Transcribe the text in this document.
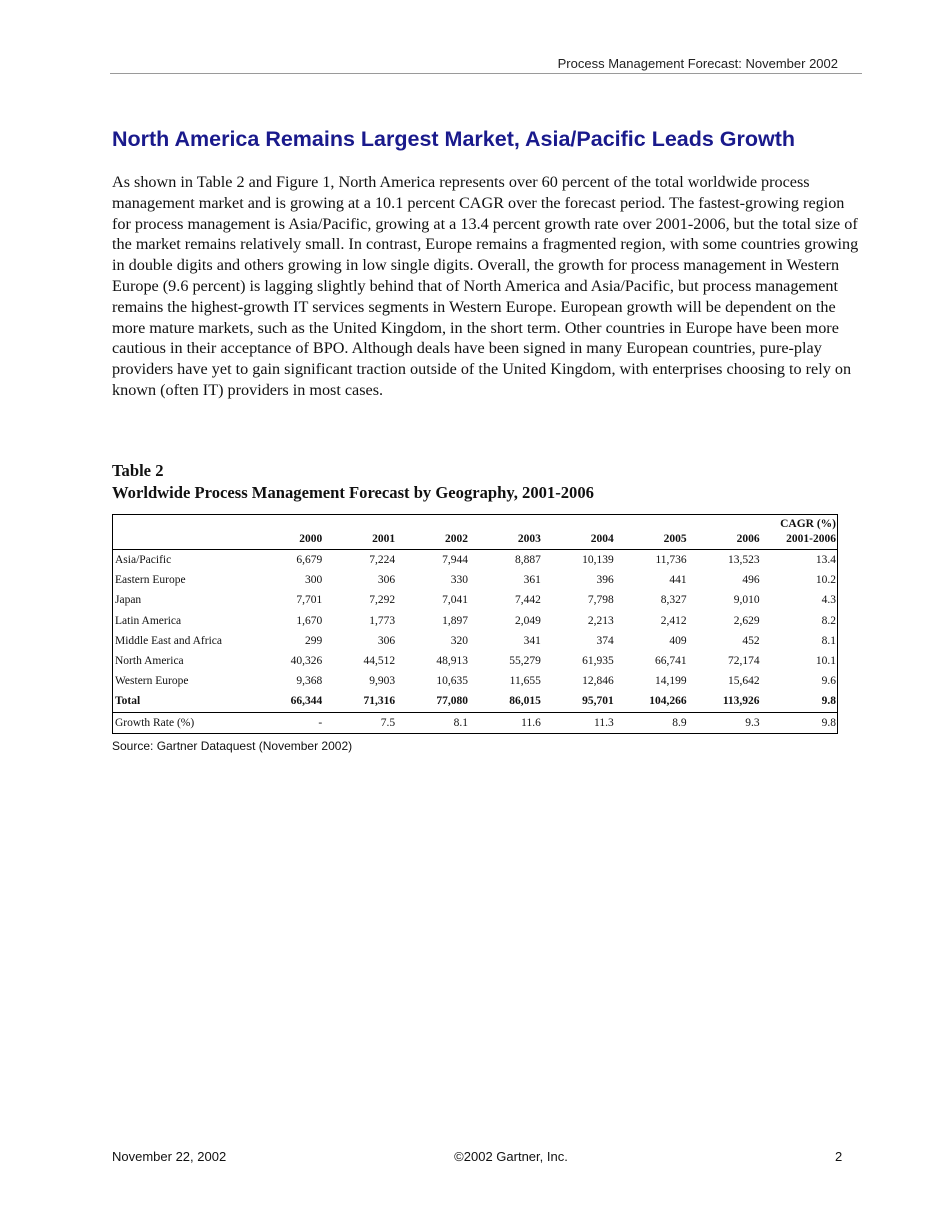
Process Management Forecast: November 2002
North America Remains Largest Market, Asia/Pacific Leads Growth

As shown in Table 2 and Figure 1, North America represents over 60 percent of the total worldwide process management market and is growing at a 10.1 percent CAGR over the forecast period. The fastest-growing region for process management is Asia/Pacific, growing at a 13.4 percent growth rate over 2001-2006, but the total size of the market remains relatively small. In contrast, Europe remains a fragmented region, with some countries growing in double digits and others growing in low single digits. Overall, the growth for process management in Western Europe (9.6 percent) is lagging slightly behind that of North America and Asia/Pacific, but process management remains the highest-growth IT services segments in Western Europe. European growth will be dependent on the more mature markets, such as the United Kingdom, in the short term. Other countries in Europe have been more cautious in their acceptance of BPO. Although deals have been signed in many European countries, pure-play providers have yet to gain significant traction outside of the United Kingdom, with enterprises choosing to rely on known (often IT) providers in most cases.

Table 2
Worldwide Process Management Forecast by Geography, 2001-2006
	2000	2001	2002	2003	2004	2005	2006	CAGR (%)
2001-2006

Asia/Pacific	6,679	7,224	7,944	8,887	10,139	11,736	13,523	13.4
Eastern Europe	300	306	330	361	396	441	496	10.2
Japan	7,701	7,292	7,041	7,442	7,798	8,327	9,010	4.3
Latin America	1,670	1,773	1,897	2,049	2,213	2,412	2,629	8.2
Middle East and Africa	299	306	320	341	374	409	452	8.1
North America	40,326	44,512	48,913	55,279	61,935	66,741	72,174	10.1
Western Europe	9,368	9,903	10,635	11,655	12,846	14,199	15,642	9.6
Total	66,344	71,316	77,080	86,015	95,701	104,266	113,926	9.8
Growth Rate (%)	-	7.5	8.1	11.6	11.3	8.9	9.3	9.8
Source: Gartner Dataquest (November 2002)
November 22, 2002	©2002 Gartner, Inc.	2
